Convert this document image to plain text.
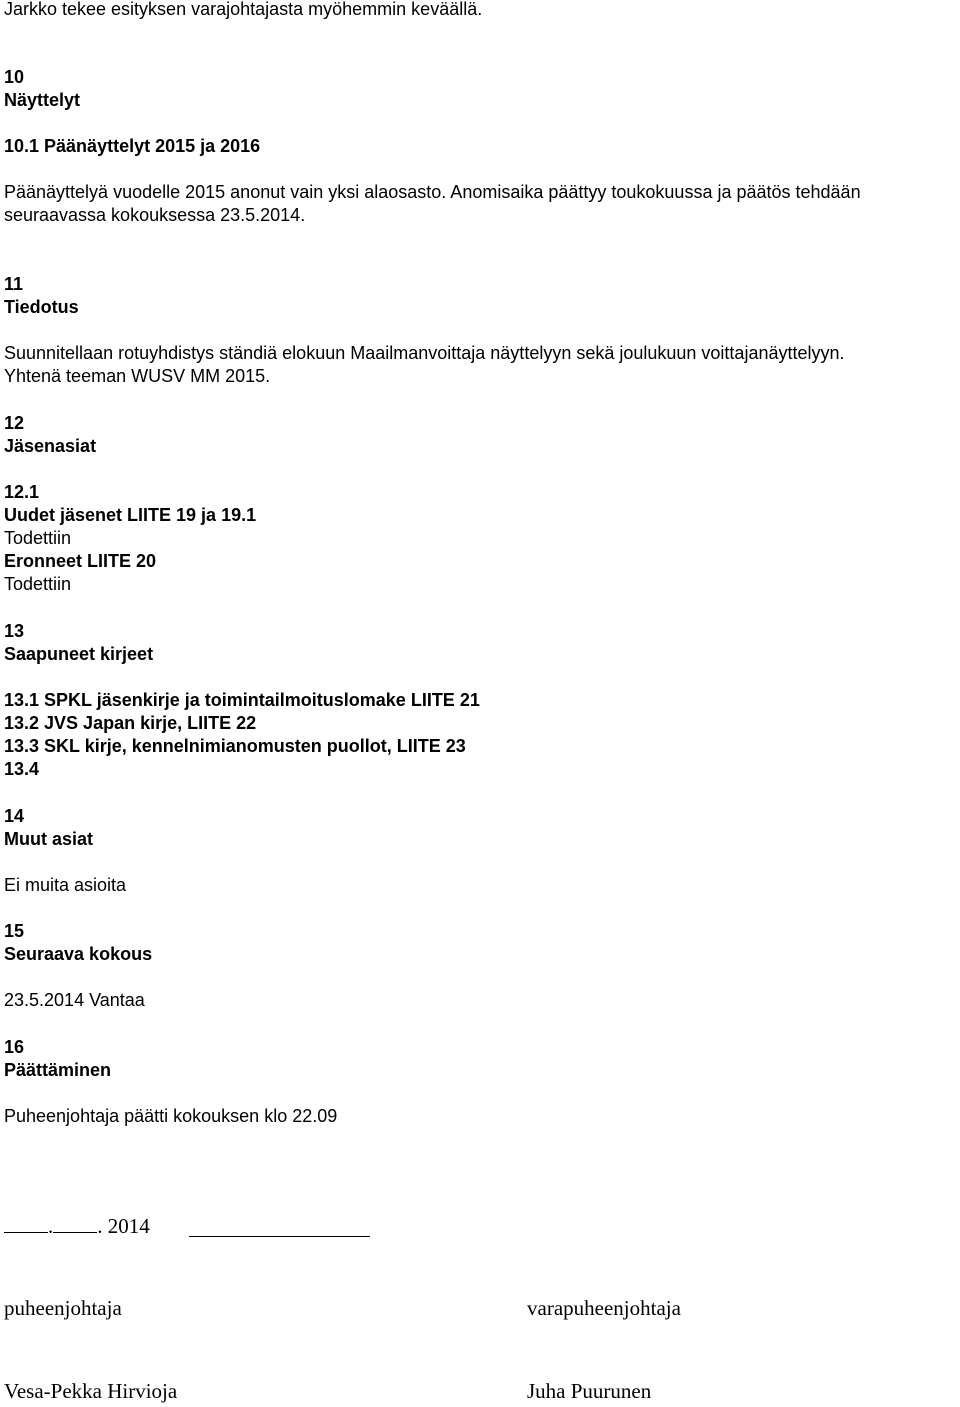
Jarkko tekee esityksen varajohtajasta myöhemmin keväällä.
10
Näyttelyt
10.1 Päänäyttelyt 2015 ja 2016
Päänäyttelyä vuodelle 2015 anonut vain yksi alaosasto. Anomisaika päättyy toukokuussa ja päätös tehdään
seuraavassa kokouksessa 23.5.2014.
11
Tiedotus
Suunnitellaan rotuyhdistys ständiä elokuun Maailmanvoittaja näyttelyyn sekä joulukuun voittajanäyttelyyn.
Yhtenä teeman WUSV MM 2015.
12
Jäsenasiat
12.1
Uudet jäsenet LIITE 19 ja 19.1
Todettiin
Eronneet LIITE 20
Todettiin
13
Saapuneet kirjeet
13.1 SPKL jäsenkirje ja toimintailmoituslomake LIITE 21
13.2 JVS Japan kirje, LIITE 22
13.3 SKL kirje, kennelnimianomusten puollot, LIITE 23
13.4
14
Muut asiat
Ei muita asioita
15
Seuraava kokous
23.5.2014 Vantaa
16
Päättäminen
Puheenjohtaja päätti kokouksen klo 22.09
. . 2014
puheenjohtaja	varapuheenjohtaja
Vesa-Pekka Hirvioja	Juha Puurunen
